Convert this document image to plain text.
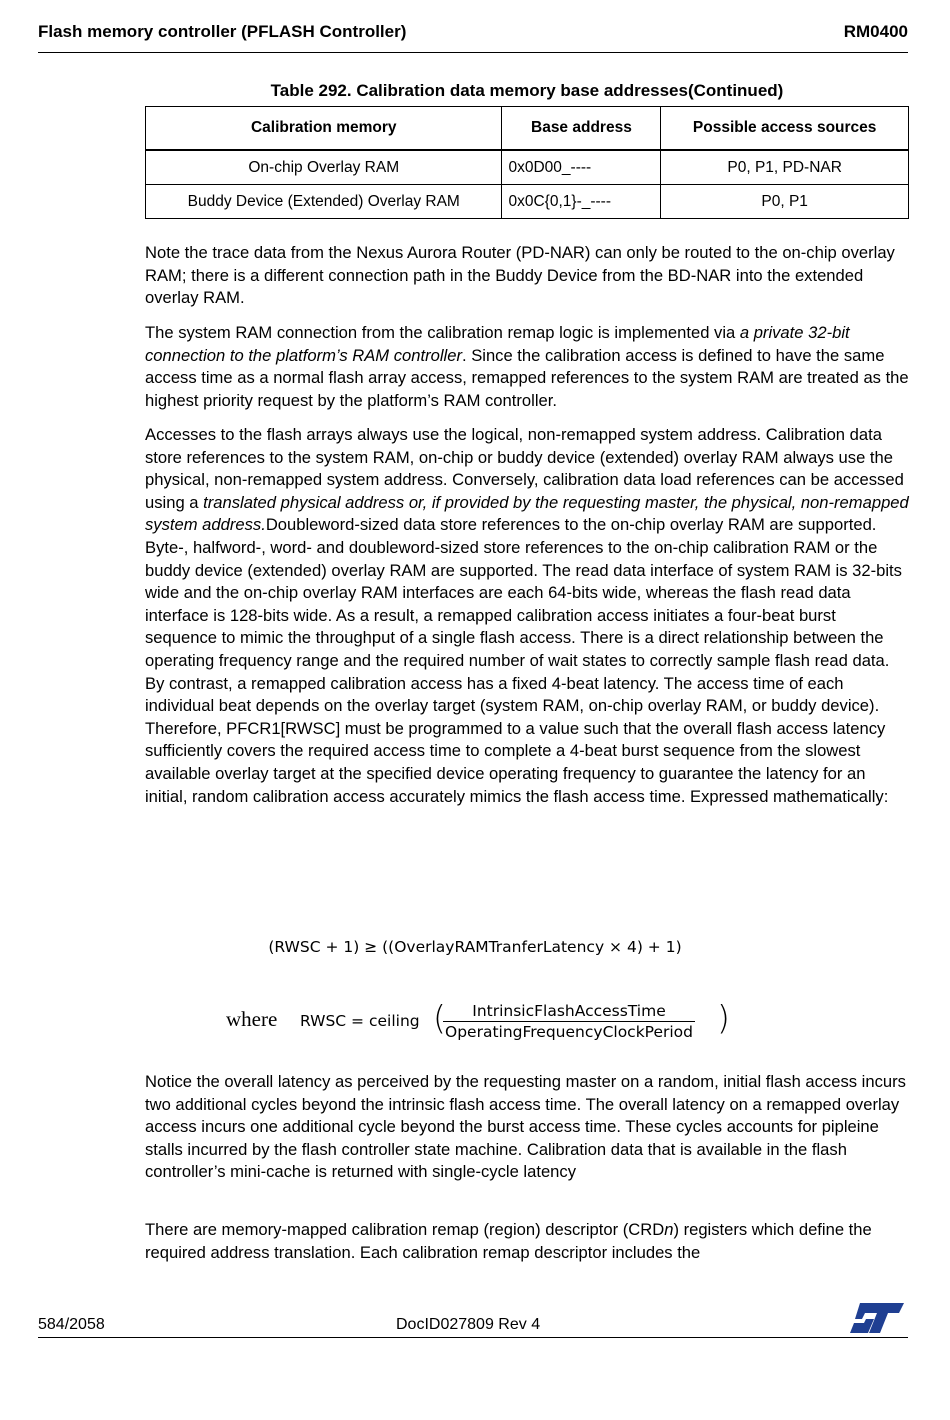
Flash memory controller (PFLASH Controller)	RM0400
Table 292. Calibration data memory base addresses(Continued)
Calibration memory	Base address	Possible access sources
On-chip Overlay RAM	0x0D00_----	P0, P1, PD-NAR
Buddy Device (Extended) Overlay RAM	0x0C{0,1}-_----	P0, P1

Note the trace data from the Nexus Aurora Router (PD-NAR) can only be routed to the on-chip overlay RAM; there is a different connection path in the Buddy Device from the BD-NAR into the extended overlay RAM.

The system RAM connection from the calibration remap logic is implemented via a private 32-bit connection to the platform’s RAM controller. Since the calibration access is defined to have the same access time as a normal flash array access, remapped references to the system RAM are treated as the highest priority request by the platform’s RAM controller.

Accesses to the flash arrays always use the logical, non-remapped system address. Calibration data store references to the system RAM, on-chip or buddy device (extended) overlay RAM always use the physical, non-remapped system address. Conversely, calibration data load references can be accessed using a translated physical address or, if provided by the requesting master, the physical, non-remapped system address.Doubleword-sized data store references to the on-chip overlay RAM are supported. Byte-, halfword-, word- and doubleword-sized store references to the on-chip calibration RAM or the buddy device (extended) overlay RAM are supported. The read data interface of system RAM is 32-bits wide and the on-chip overlay RAM interfaces are each 64-bits wide, whereas the flash read data interface is 128-bits wide. As a result, a remapped calibration access initiates a four-beat burst sequence to mimic the throughput of a single flash access. There is a direct relationship between the operating frequency range and the required number of wait states to correctly sample flash read data. By contrast, a remapped calibration access has a fixed 4-beat latency. The access time of each individual beat depends on the overlay target (system RAM, on-chip overlay RAM, or buddy device). Therefore, PFCR1[RWSC] must be programmed to a value such that the overall flash access latency sufficiently covers the required access time to complete a 4-beat burst sequence from the slowest available overlay target at the specified device operating frequency to guarantee the latency for an initial, random calibration access accurately mimics the flash access time. Expressed mathematically:

(RWSC + 1) ≥ ((OverlayRAMTranferLatency × 4) + 1)
where RWSC = ceiling (	IntrinsicFlashAccessTime
OperatingFrequencyClockPeriod )

Notice the overall latency as perceived by the requesting master on a random, initial flash access incurs two additional cycles beyond the intrinsic flash access time. The overall latency on a remapped overlay access incurs one additional cycle beyond the burst access time. These cycles accounts for pipleine stalls incurred by the flash controller state machine. Calibration data that is available in the flash controller’s mini-cache is returned with single-cycle latency

There are memory-mapped calibration remap (region) descriptor (CRDn) registers which define the required address translation. Each calibration remap descriptor includes the

584/2058	DocID027809 Rev 4
